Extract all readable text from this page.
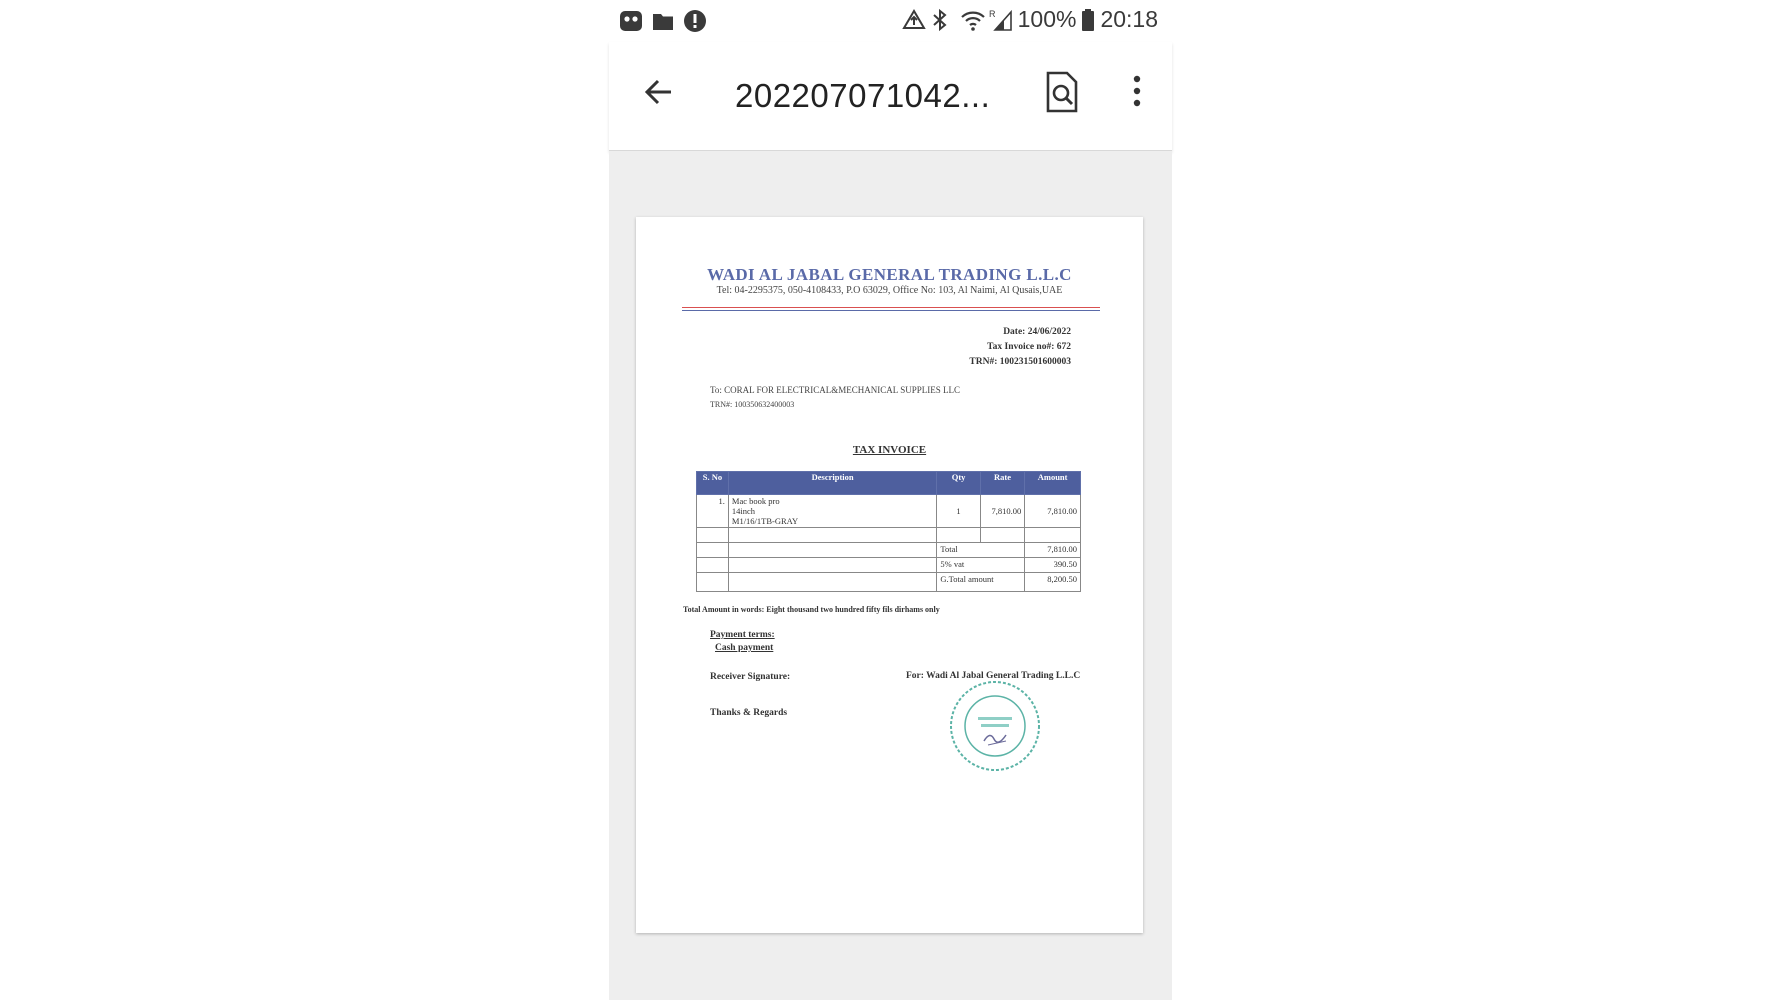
R 100% 20:18
202207071042...
WADI AL JABAL GENERAL TRADING L.L.C
Tel: 04-2295375, 050-4108433, P.O 63029, Office No: 103, Al Naimi, Al Qusais,UAE
Date: 24/06/2022
Tax Invoice no#: 672
TRN#: 100231501600003
To: CORAL FOR ELECTRICAL&MECHANICAL SUPPLIES LLC
TRN#: 100350632400003
TAX INVOICE
S. No	Description	Qty	Rate	Amount
1.	Mac book pro
14inch
M1/16/1TB-GRAY	1	7,810.00	7,810.00

		Total		7,810.00
		5% vat		390.50
		G.Total amount		8,200.50
Total Amount in words: Eight thousand two hundred fifty fils dirhams only
Payment terms:
Cash payment
Receiver Signature:	For: Wadi Al Jabal General Trading L.L.C
Thanks & Regards
